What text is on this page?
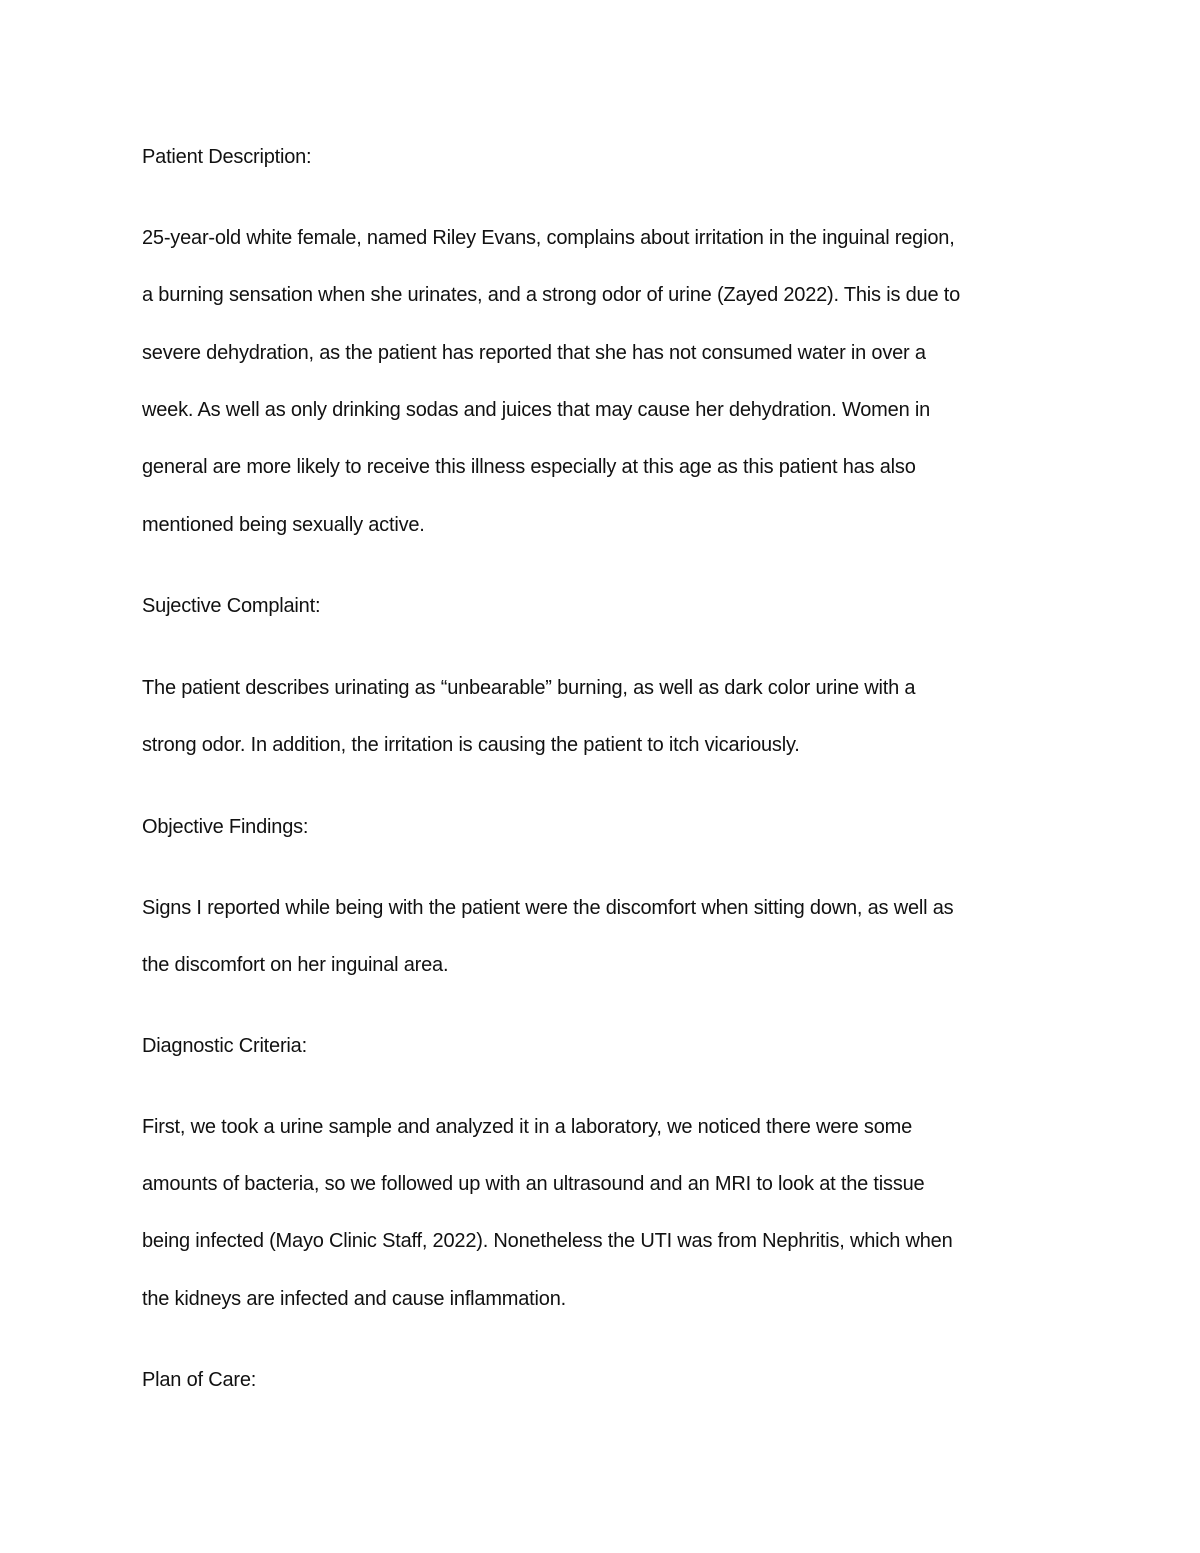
Patient Description:
25-year-old white female, named Riley Evans, complains about irritation in the inguinal region,
a burning sensation when she urinates, and a strong odor of urine (Zayed 2022). This is due to
severe dehydration, as the patient has reported that she has not consumed water in over a
week. As well as only drinking sodas and juices that may cause her dehydration. Women in
general are more likely to receive this illness especially at this age as this patient has also
mentioned being sexually active.
Sujective Complaint:
The patient describes urinating as “unbearable” burning, as well as dark color urine with a
strong odor. In addition, the irritation is causing the patient to itch vicariously.
Objective Findings:
Signs I reported while being with the patient were the discomfort when sitting down, as well as
the discomfort on her inguinal area.
Diagnostic Criteria:
First, we took a urine sample and analyzed it in a laboratory, we noticed there were some
amounts of bacteria, so we followed up with an ultrasound and an MRI to look at the tissue
being infected (Mayo Clinic Staff, 2022). Nonetheless the UTI was from Nephritis, which when
the kidneys are infected and cause inflammation.
Plan of Care:
